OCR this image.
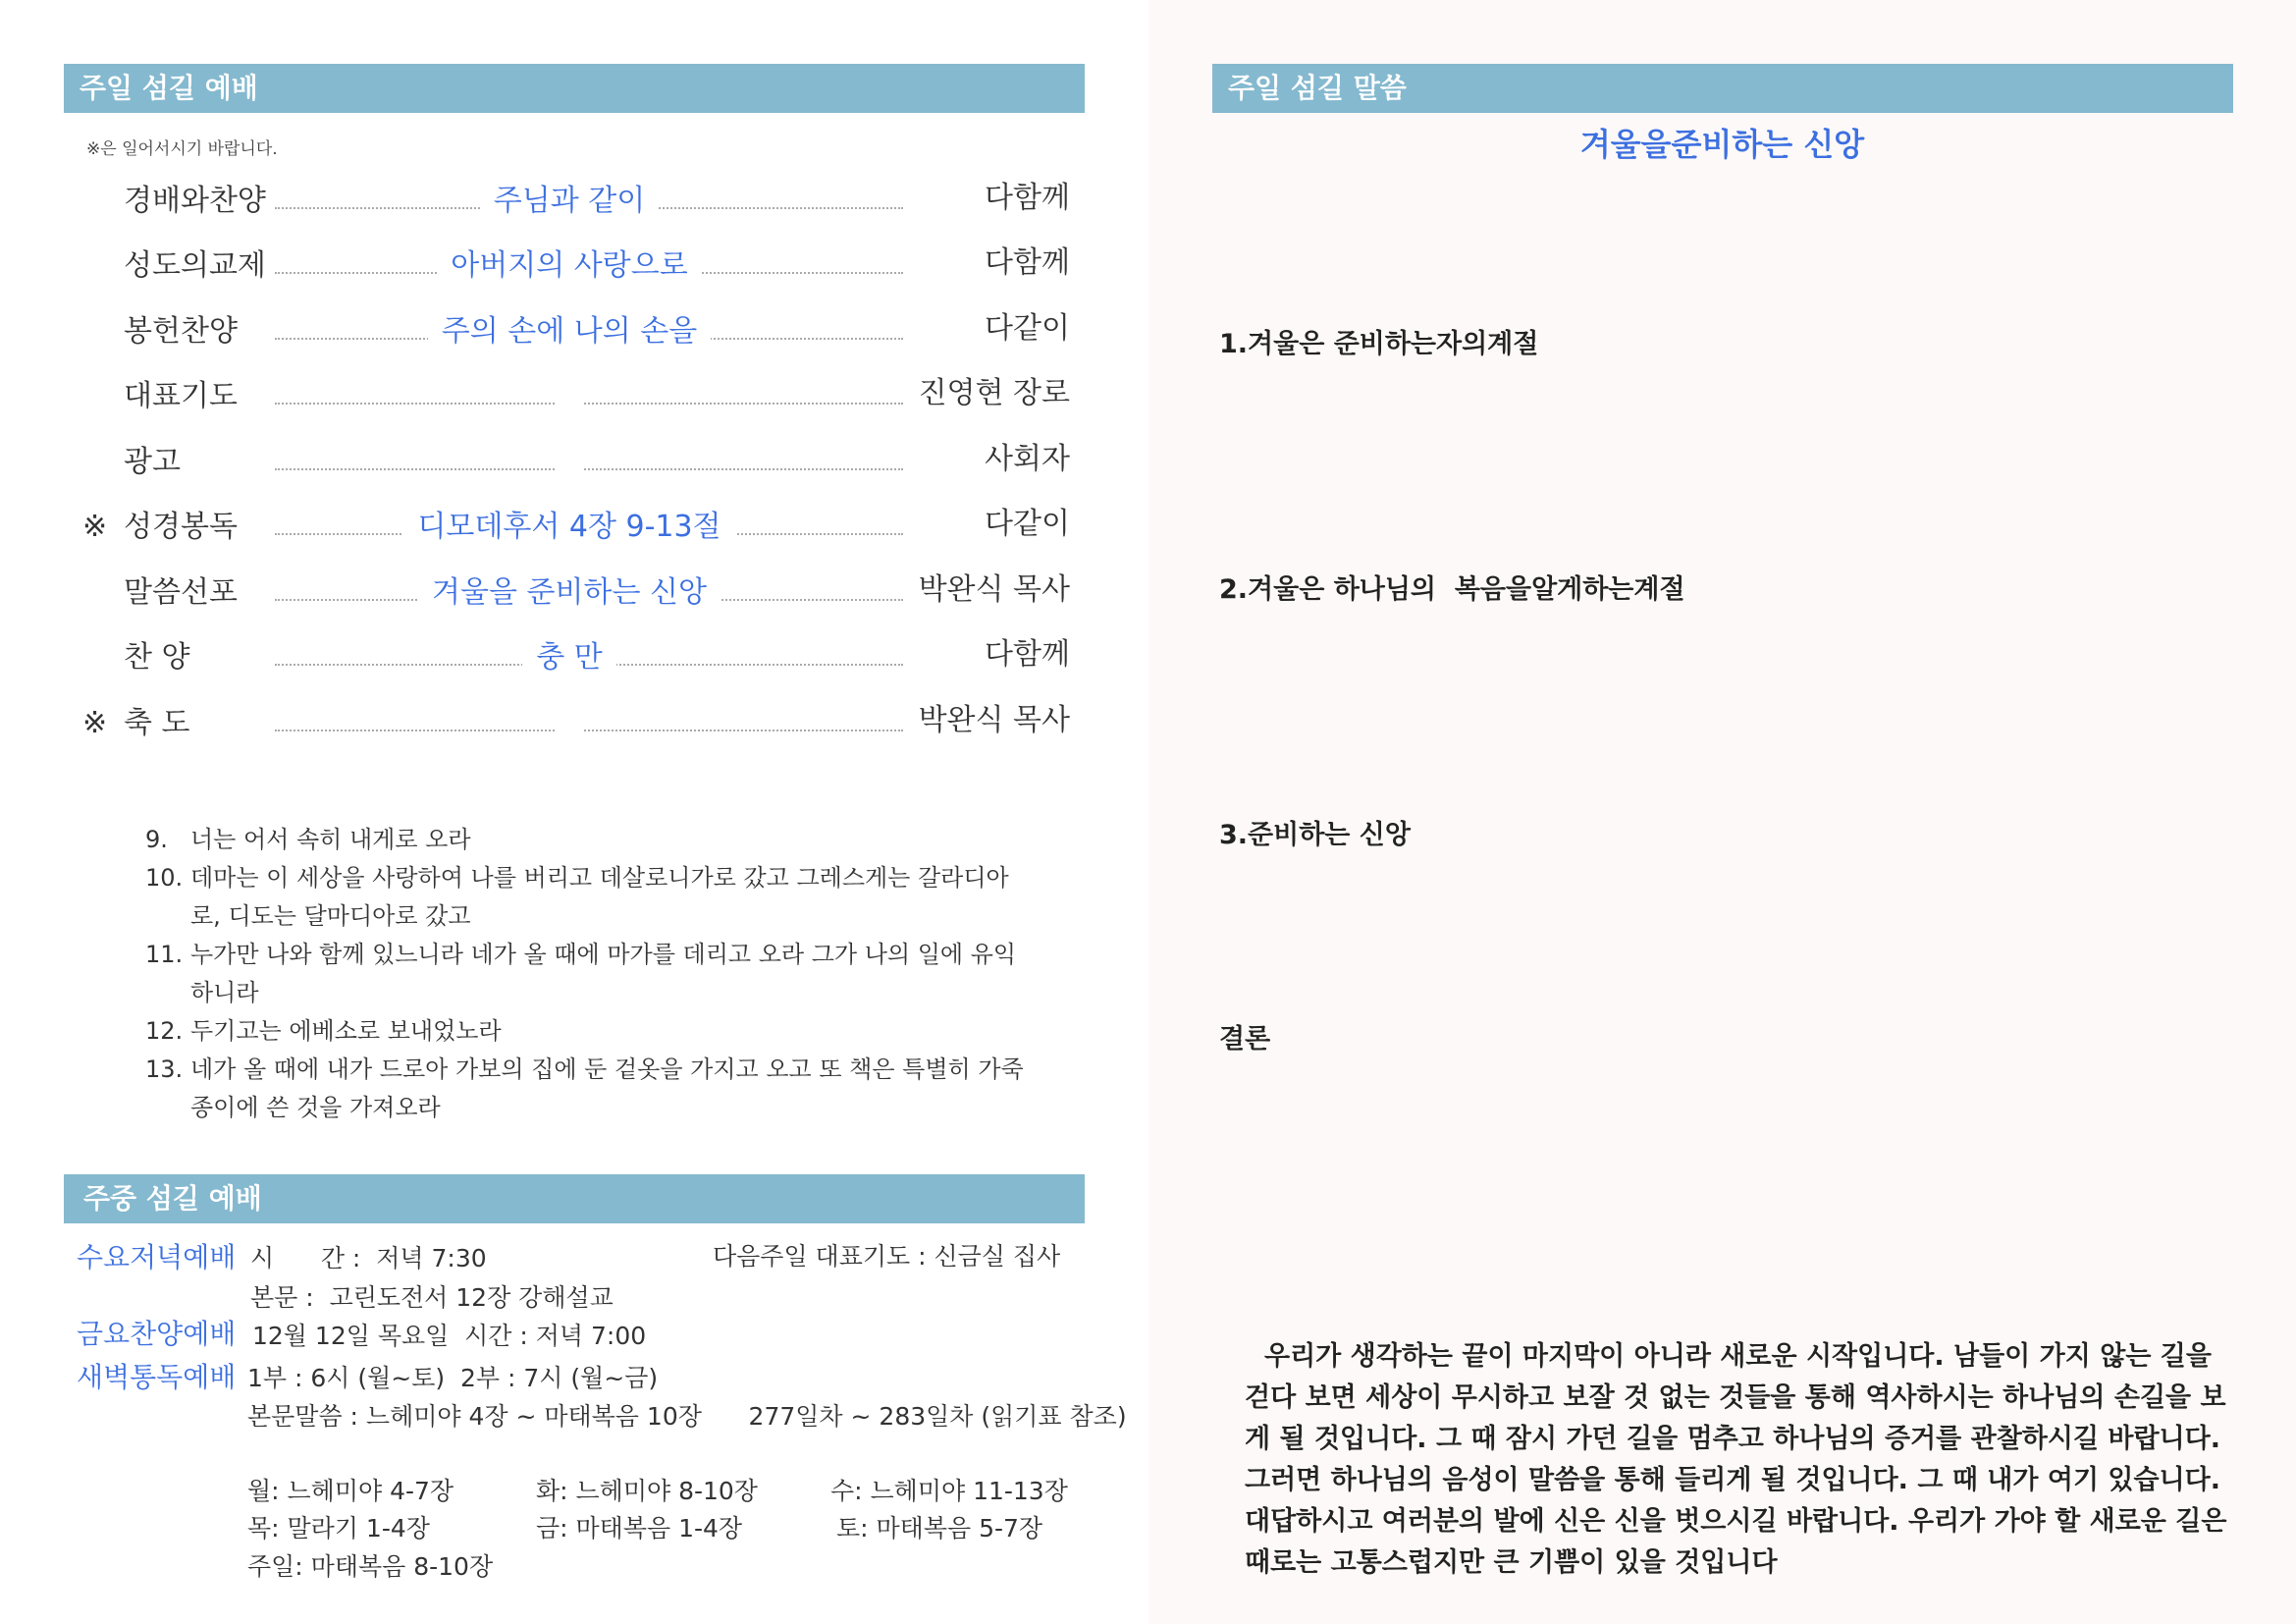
주일 섬길 예배
※은 일어서시기 바랍니다.
경배와찬양	주님과 같이	다함께
성도의교제	아버지의 사랑으로	다함께
봉헌찬양	주의 손에 나의 손을	다같이
대표기도	진영현 장로
광고	사회자
※ 성경봉독	디모데후서 4장 9-13절	다같이
말씀선포	겨울을 준비하는 신앙	박완식 목사
찬 양	충 만	다함께
※ 축 도	박완식 목사
9. 너는 어서 속히 내게로 오라
10. 데마는 이 세상을 사랑하여 나를 버리고 데살로니가로 갔고 그레스게는 갈라디아로, 디도는 달마디아로 갔고
11. 누가만 나와 함께 있느니라 네가 올 때에 마가를 데리고 오라 그가 나의 일에 유익하니라
12. 두기고는 에베소로 보내었노라
13. 네가 올 때에 내가 드로아 가보의 집에 둔 겉옷을 가지고 오고 또 책은 특별히 가죽 종이에 쓴 것을 가져오라
주중 섬길 예배
수요저녁예배 시      간 :  저녁 7:30	다음주일 대표기도 : 신금실 집사
본문 :  고린도전서 12장 강해설교
금요찬양예배 12월 12일 목요일  시간 : 저녁 7:00
새벽통독예배 1부 : 6시 (월~토)  2부 : 7시 (월~금)
본문말씀 : 느헤미야 4장 ~ 마태복음 10장      277일차 ~ 283일차 (읽기표 참조)
월: 느헤미야 4-7장	화: 느헤미야 8-10장	수: 느헤미야 11-13장
목: 말라기 1-4장	금: 마태복음 1-4장	토: 마태복음 5-7장
주일: 마태복음 8-10장
주일 섬길 말씀
겨울을준비하는 신앙
1.겨울은 준비하는자의계절
2.겨울은 하나님의  복음을알게하는계절
3.준비하는 신앙
결론
우리가 생각하는 끝이 마지막이 아니라 새로운 시작입니다. 남들이 가지 않는 길을 걷다 보면 세상이 무시하고 보잘 것 없는 것들을 통해 역사하시는 하나님의 손길을 보게 될 것입니다. 그 때 잠시 가던 길을 멈추고 하나님의 증거를 관찰하시길 바랍니다. 그러면 하나님의 음성이 말씀을 통해 들리게 될 것입니다. 그 때 내가 여기 있습니다. 대답하시고 여러분의 발에 신은 신을 벗으시길 바랍니다. 우리가 가야 할 새로운 길은 때로는 고통스럽지만 큰 기쁨이 있을 것입니다
